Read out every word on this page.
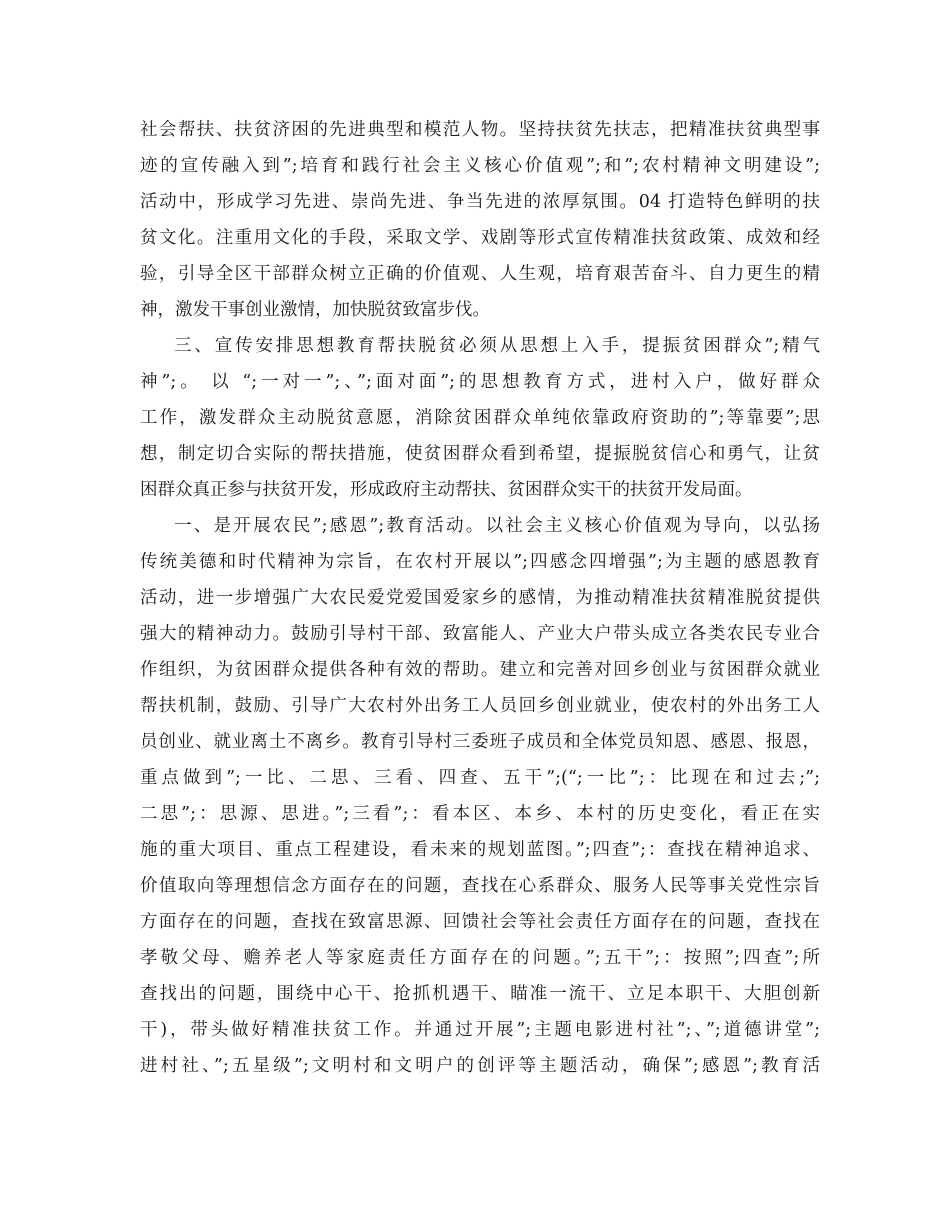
社会帮扶、扶贫济困的先进典型和模范人物。坚持扶贫先扶志，把精准扶贫典型事
迹的宣传融入到”;培育和践行社会主义核心价值观”;和”;农村精神文明建设”;
活动中，形成学习先进、崇尚先进、争当先进的浓厚氛围。04 打造特色鲜明的扶
贫文化。注重用文化的手段，采取文学、戏剧等形式宣传精准扶贫政策、成效和经
验，引导全区干部群众树立正确的价值观、人生观，培育艰苦奋斗、自力更生的精
神，激发干事创业激情，加快脱贫致富步伐。
三、宣传安排思想教育帮扶脱贫必须从思想上入手，提振贫困群众”;精气
神”;。 以 “;一对一”;、”;面对面”;的思想教育方式，进村入户，做好群众
工作，激发群众主动脱贫意愿，消除贫困群众单纯依靠政府资助的”;等靠要”;思
想，制定切合实际的帮扶措施，使贫困群众看到希望，提振脱贫信心和勇气，让贫
困群众真正参与扶贫开发，形成政府主动帮扶、贫困群众实干的扶贫开发局面。
一、是开展农民”;感恩”;教育活动。以社会主义核心价值观为导向，以弘扬
传统美德和时代精神为宗旨，在农村开展以”;四感念四增强”;为主题的感恩教育
活动，进一步增强广大农民爱党爱国爱家乡的感情，为推动精准扶贫精准脱贫提供
强大的精神动力。鼓励引导村干部、致富能人、产业大户带头成立各类农民专业合
作组织，为贫困群众提供各种有效的帮助。建立和完善对回乡创业与贫困群众就业
帮扶机制，鼓励、引导广大农村外出务工人员回乡创业就业，使农村的外出务工人
员创业、就业离土不离乡。教育引导村三委班子成员和全体党员知恩、感恩、报恩，
重点做到”;一比、二思、三看、四查、五干”;(“;一比”;：比现在和过去;”;
二思”;：思源、思进。”;三看”;：看本区、本乡、本村的历史变化，看正在实
施的重大项目、重点工程建设，看未来的规划蓝图。”;四查”;：查找在精神追求、
价值取向等理想信念方面存在的问题，查找在心系群众、服务人民等事关党性宗旨
方面存在的问题，查找在致富思源、回馈社会等社会责任方面存在的问题，查找在
孝敬父母、赡养老人等家庭责任方面存在的问题。”;五干”;：按照”;四查”;所
查找出的问题，围绕中心干、抢抓机遇干、瞄准一流干、立足本职干、大胆创新
干)，带头做好精准扶贫工作。并通过开展”;主题电影进村社”;、”;道德讲堂”;
进村社、”;五星级”;文明村和文明户的创评等主题活动，确保”;感恩”;教育活
